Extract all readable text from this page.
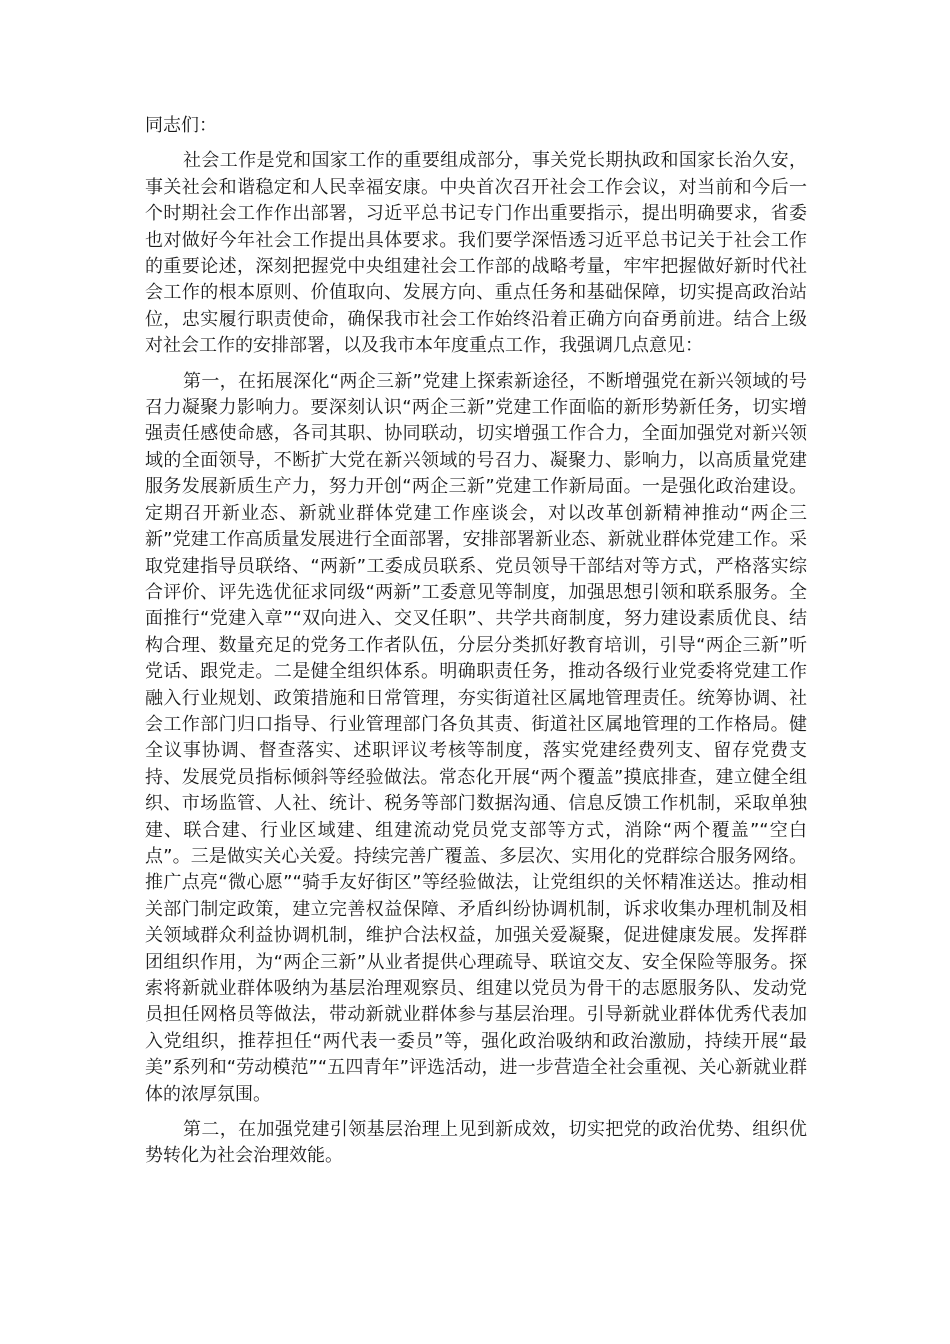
同志们：

社会工作是党和国家工作的重要组成部分，事关党长期执政和国家长治久安，事关社会和谐稳定和人民幸福安康。中央首次召开社会工作会议，对当前和今后一个时期社会工作作出部署，习近平总书记专门作出重要指示，提出明确要求，省委也对做好今年社会工作提出具体要求。我们要学深悟透习近平总书记关于社会工作的重要论述，深刻把握党中央组建社会工作部的战略考量，牢牢把握做好新时代社会工作的根本原则、价值取向、发展方向、重点任务和基础保障，切实提高政治站位，忠实履行职责使命，确保我市社会工作始终沿着正确方向奋勇前进。结合上级对社会工作的安排部署，以及我市本年度重点工作，我强调几点意见：

第一，在拓展深化“两企三新”党建上探索新途径，不断增强党在新兴领域的号召力凝聚力影响力。要深刻认识“两企三新”党建工作面临的新形势新任务，切实增强责任感使命感，各司其职、协同联动，切实增强工作合力，全面加强党对新兴领域的全面领导，不断扩大党在新兴领域的号召力、凝聚力、影响力，以高质量党建服务发展新质生产力，努力开创“两企三新”党建工作新局面。一是强化政治建设。定期召开新业态、新就业群体党建工作座谈会，对以改革创新精神推动“两企三新”党建工作高质量发展进行全面部署，安排部署新业态、新就业群体党建工作。采取党建指导员联络、“两新”工委成员联系、党员领导干部结对等方式，严格落实综合评价、评先选优征求同级“两新”工委意见等制度，加强思想引领和联系服务。全面推行“党建入章”“双向进入、交叉任职”、共学共商制度，努力建设素质优良、结构合理、数量充足的党务工作者队伍，分层分类抓好教育培训，引导“两企三新”听党话、跟党走。二是健全组织体系。明确职责任务，推动各级行业党委将党建工作融入行业规划、政策措施和日常管理，夯实街道社区属地管理责任。统筹协调、社会工作部门归口指导、行业管理部门各负其责、街道社区属地管理的工作格局。健全议事协调、督查落实、述职评议考核等制度，落实党建经费列支、留存党费支持、发展党员指标倾斜等经验做法。常态化开展“两个覆盖”摸底排查，建立健全组织、市场监管、人社、统计、税务等部门数据沟通、信息反馈工作机制，采取单独建、联合建、行业区域建、组建流动党员党支部等方式，消除“两个覆盖”“空白点”。三是做实关心关爱。持续完善广覆盖、多层次、实用化的党群综合服务网络。推广点亮“微心愿”“骑手友好街区”等经验做法，让党组织的关怀精准送达。推动相关部门制定政策，建立完善权益保障、矛盾纠纷协调机制，诉求收集办理机制及相关领域群众利益协调机制，维护合法权益，加强关爱凝聚，促进健康发展。发挥群团组织作用，为“两企三新”从业者提供心理疏导、联谊交友、安全保险等服务。探索将新就业群体吸纳为基层治理观察员、组建以党员为骨干的志愿服务队、发动党员担任网格员等做法，带动新就业群体参与基层治理。引导新就业群体优秀代表加入党组织，推荐担任“两代表一委员”等，强化政治吸纳和政治激励，持续开展“最美”系列和“劳动模范”“五四青年”评选活动，进一步营造全社会重视、关心新就业群体的浓厚氛围。

第二，在加强党建引领基层治理上见到新成效，切实把党的政治优势、组织优势转化为社会治理效能。
